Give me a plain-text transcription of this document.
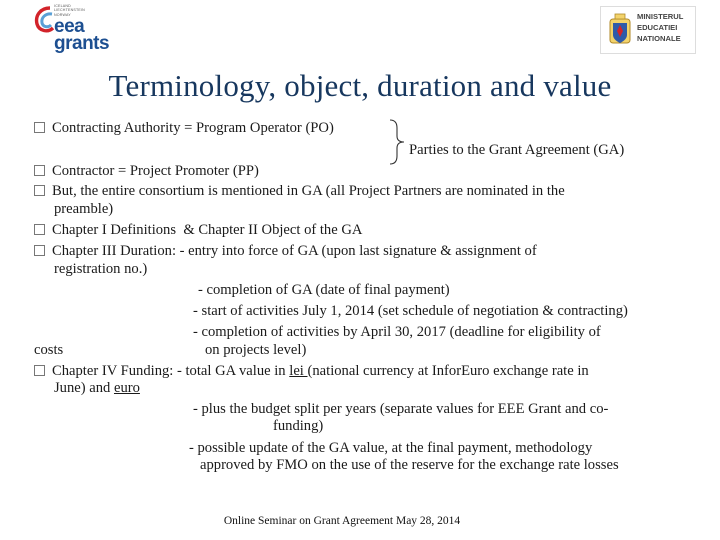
ICELAND
LIECHTENSTEIN
NORWAY
eea
grants
MINISTERUL
EDUCATIEI
NATIONALE
Terminology, object, duration and value
Contracting Authority = Program Operator (PO)
Parties to the Grant Agreement (GA)
Contractor = Project Promoter (PP)
But, the entire consortium is mentioned in GA (all Project Partners are nominated in the
preamble)
Chapter I Definitions  & Chapter II Object of the GA
Chapter III Duration: - entry into force of GA (upon last signature & assignment of
registration no.)
- completion of GA (date of final payment)
- start of activities July 1, 2014 (set schedule of negotiation & contracting)
- completion of activities by April 30, 2017 (deadline for eligibility of
costs	on projects level)
Chapter IV Funding: - total GA value in lei (national currency at InforEuro exchange rate in
June) and euro
- plus the budget split per years (separate values for EEE Grant and co-
funding)
- possible update of the GA value, at the final payment, methodology
approved by FMO on the use of the reserve for the exchange rate losses
Online Seminar on Grant Agreement May 28, 2014
